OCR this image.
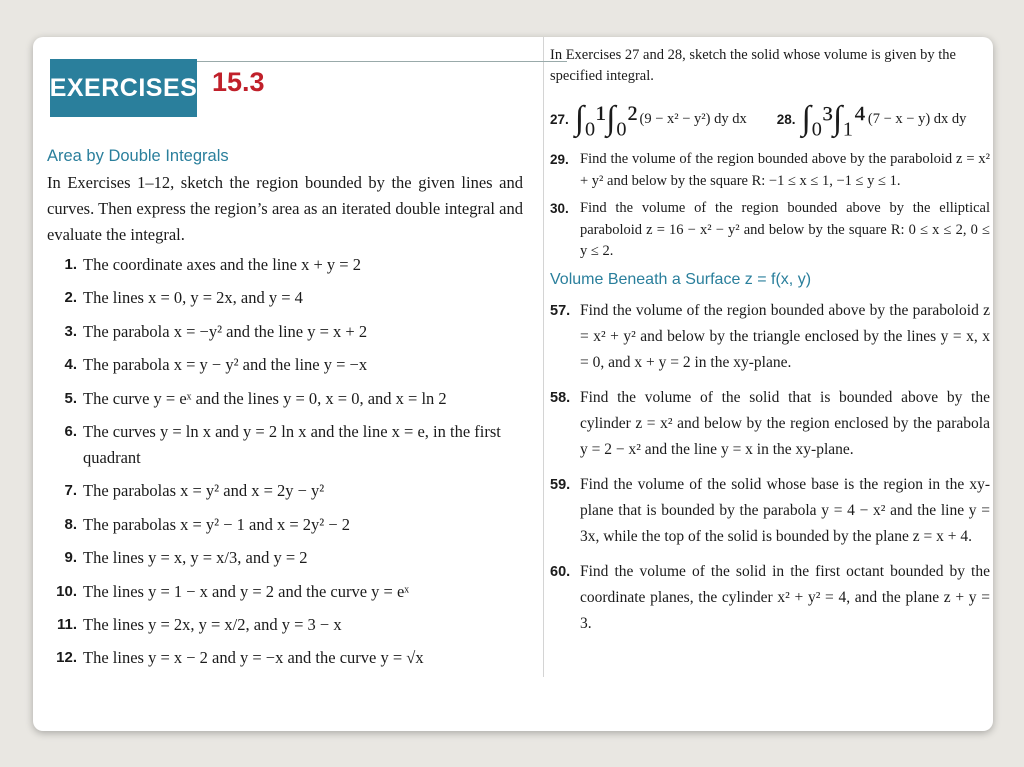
EXERCISES 15.3
Area by Double Integrals
In Exercises 1–12, sketch the region bounded by the given lines and curves. Then express the region’s area as an iterated double integral and evaluate the integral.
1. The coordinate axes and the line x + y = 2
2. The lines x = 0, y = 2x, and y = 4
3. The parabola x = −y² and the line y = x + 2
4. The parabola x = y − y² and the line y = −x
5. The curve y = eˣ and the lines y = 0, x = 0, and x = ln 2
6. The curves y = ln x and y = 2 ln x and the line x = e, in the first quadrant
7. The parabolas x = y² and x = 2y − y²
8. The parabolas x = y² − 1 and x = 2y² − 2
9. The lines y = x, y = x/3, and y = 2
10. The lines y = 1 − x and y = 2 and the curve y = eˣ
11. The lines y = 2x, y = x/2, and y = 3 − x
12. The lines y = x − 2 and y = −x and the curve y = √x
In Exercises 27 and 28, sketch the solid whose volume is given by the specified integral.
27. ∫₀¹∫₀² (9 − x² − y²) dy dx 28. ∫₀³∫₁⁴ (7 − x − y) dx dy
29. Find the volume of the region bounded above by the paraboloid z = x² + y² and below by the square R: −1 ≤ x ≤ 1, −1 ≤ y ≤ 1.
30. Find the volume of the region bounded above by the elliptical paraboloid z = 16 − x² − y² and below by the square R: 0 ≤ x ≤ 2, 0 ≤ y ≤ 2.
Volume Beneath a Surface z = f(x, y)
57. Find the volume of the region bounded above by the paraboloid z = x² + y² and below by the triangle enclosed by the lines y = x, x = 0, and x + y = 2 in the xy-plane.
58. Find the volume of the solid that is bounded above by the cylinder z = x² and below by the region enclosed by the parabola y = 2 − x² and the line y = x in the xy-plane.
59. Find the volume of the solid whose base is the region in the xy-plane that is bounded by the parabola y = 4 − x² and the line y = 3x, while the top of the solid is bounded by the plane z = x + 4.
60. Find the volume of the solid in the first octant bounded by the coordinate planes, the cylinder x² + y² = 4, and the plane z + y = 3.
